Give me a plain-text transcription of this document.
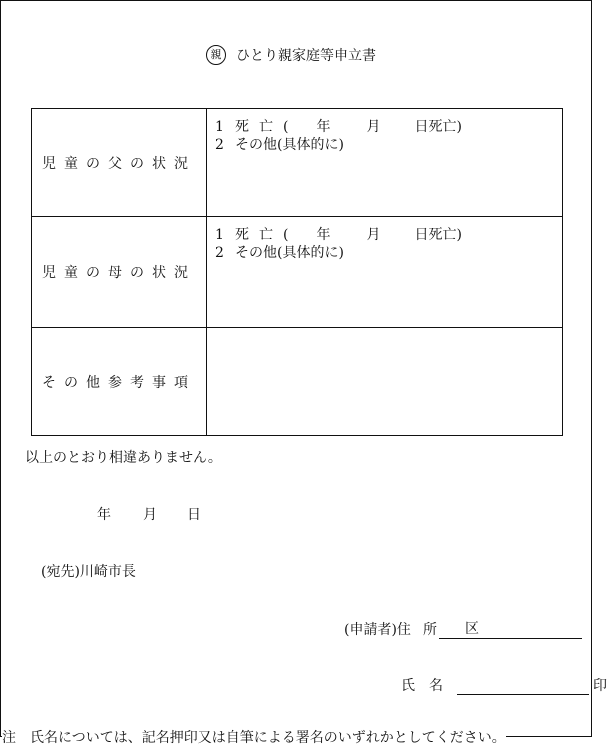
親	ひとり親家庭等申立書
児童の父の状況	1 死亡( 年 月 日死亡)
2 その他(具体的に)

児童の母の状況	1 死亡( 年 月 日死亡)
2 その他(具体的に)

その他参考事項	
以上のとおり相違ありません。
年 月 日
(宛先)川崎市長
(申請者)住 所	区
氏名	印
注 氏名については、記名押印又は自筆による署名のいずれかとしてください。
